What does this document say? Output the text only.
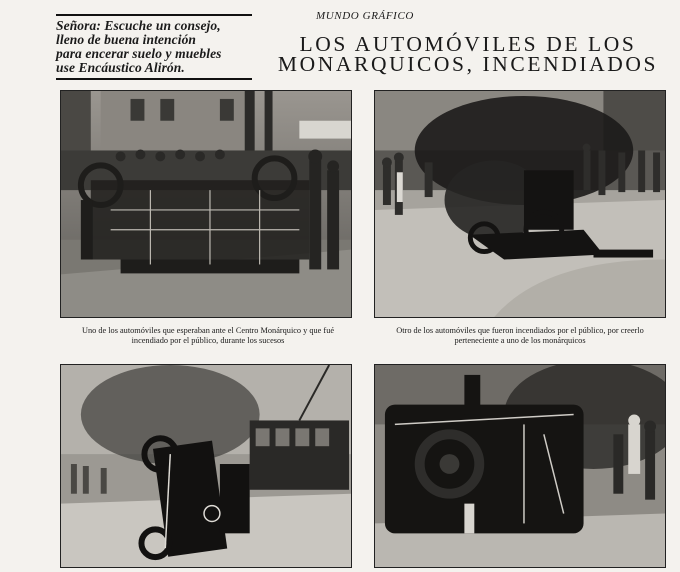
Señora: Escuche un consejo,
lleno de buena intención
para encerar suelo y muebles
use Encáustico Alirón.
MUNDO GRÁFICO
LOS AUTOMÓVILES DE LOS
MONARQUICOS, INCENDIADOS
Uno de los automóviles que esperaban ante el Centro Monárquico y que fué
incendiado por el público, durante los sucesos
Otro de los automóviles que fueron incendiados por el público, por creerlo
perteneciente a uno de los monárquicos
